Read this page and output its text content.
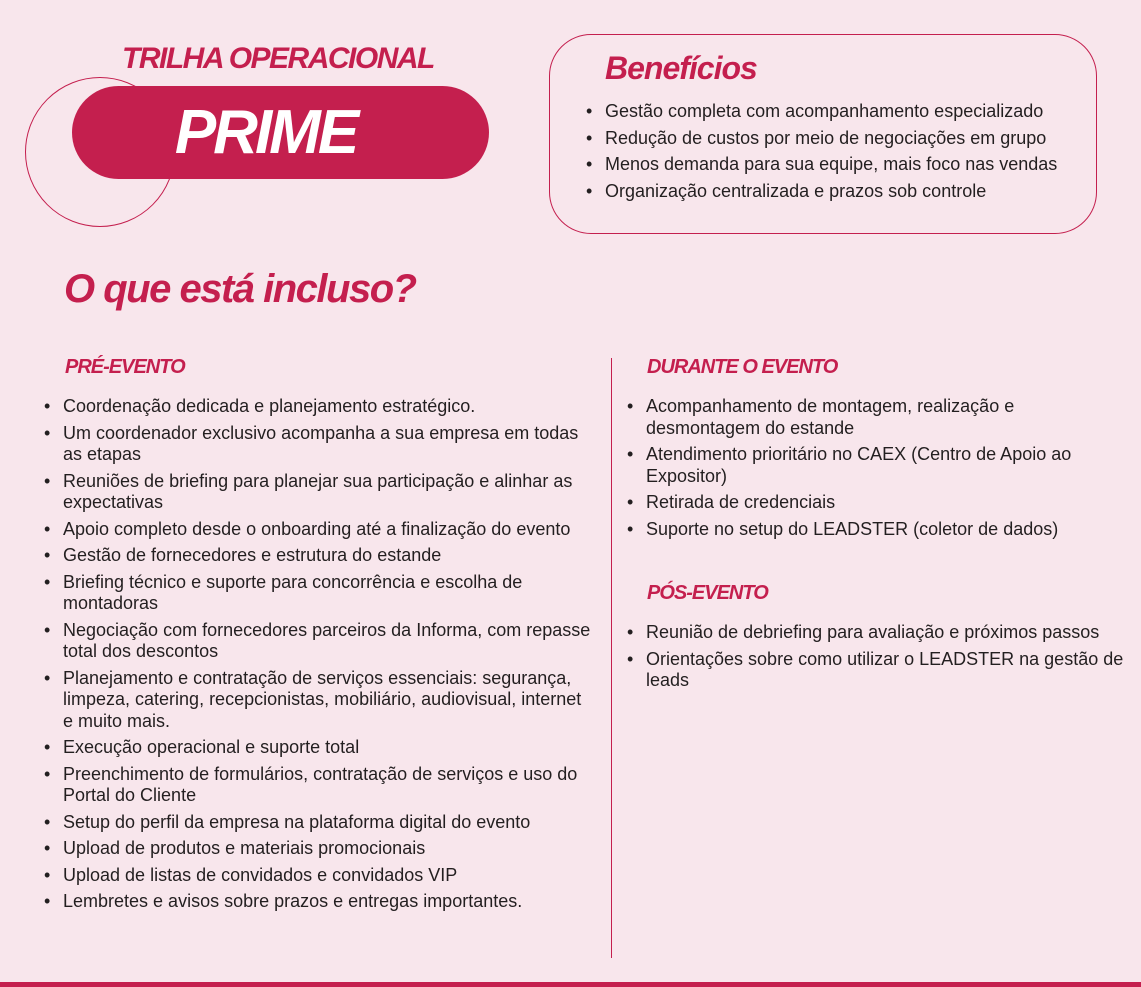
TRILHA OPERACIONAL
PRIME
Benefícios
• Gestão completa com acompanhamento especializado
• Redução de custos por meio de negociações em grupo
• Menos demanda para sua equipe, mais foco nas vendas
• Organização centralizada e prazos sob controle
O que está incluso?
PRÉ-EVENTO
• Coordenação dedicada e planejamento estratégico.
• Um coordenador exclusivo acompanha a sua empresa em todas as etapas
• Reuniões de briefing para planejar sua participação e alinhar as expectativas
• Apoio completo desde o onboarding até a finalização do evento
• Gestão de fornecedores e estrutura do estande
• Briefing técnico e suporte para concorrência e escolha de montadoras
• Negociação com fornecedores parceiros da Informa, com repasse total dos descontos
• Planejamento e contratação de serviços essenciais: segurança, limpeza, catering, recepcionistas, mobiliário, audiovisual, internet e muito mais.
• Execução operacional e suporte total
• Preenchimento de formulários, contratação de serviços e uso do Portal do Cliente
• Setup do perfil da empresa na plataforma digital do evento
• Upload de produtos e materiais promocionais
• Upload de listas de convidados e convidados VIP
• Lembretes e avisos sobre prazos e entregas importantes.
DURANTE O EVENTO
• Acompanhamento de montagem, realização e desmontagem do estande
• Atendimento prioritário no CAEX (Centro de Apoio ao Expositor)
• Retirada de credenciais
• Suporte no setup do LEADSTER (coletor de dados)
PÓS-EVENTO
• Reunião de debriefing para avaliação e próximos passos
• Orientações sobre como utilizar o LEADSTER na gestão de leads
